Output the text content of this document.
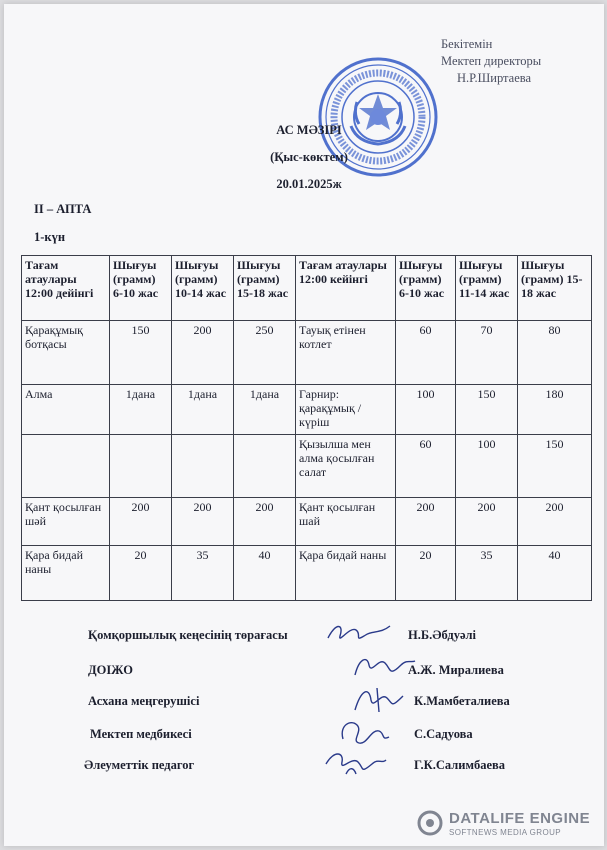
Бекітемін
Мектеп директоры
Н.Р.Ширтаева
АС МӘЗІРІ
(Қыс-көктем)
20.01.2025ж
II – АПТА
1-күн
Тағам атаулары 12:00 дейінгі	Шығуы (грамм) 6-10 жас	Шығуы (грамм) 10-14 жас	Шығуы (грамм) 15-18 жас	Тағам атаулары 12:00 кейінгі	Шығуы (грамм) 6-10 жас	Шығуы (грамм) 11-14 жас	Шығуы (грамм) 15-18 жас
Қарақұмық ботқасы	150	200	250	Тауық етінен котлет	60	70	80
Алма	1дана	1дана	1дана	Гарнир: қарақұмық / күріш	100	150	180
				Қызылша мен алма қосылған салат	60	100	150
Қант қосылған шәй	200	200	200	Қант қосылған шай	200	200	200
Қара бидай наны	20	35	40	Қара бидай наны	20	35	40
Қомқоршылық кеңесінің төрағасы	Н.Б.Әбдуәлі
ДОІЖО	А.Ж. Миралиева
Асхана меңгерушісі	К.Мамбеталиева
Мектеп медбикесі	С.Садуова
Әлеуметтік педагог	Г.К.Салимбаева
DATALIFE ENGINE
SOFTNEWS MEDIA GROUP
